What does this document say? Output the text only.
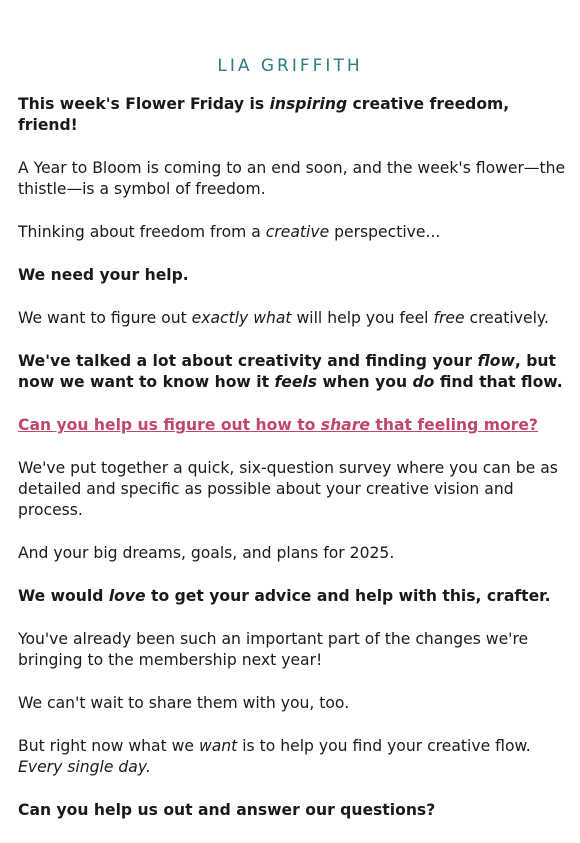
LIA GRIFFITH

This week's Flower Friday is inspiring creative freedom, friend!

A Year to Bloom is coming to an end soon, and the week's flower—the thistle—is a symbol of freedom.

Thinking about freedom from a creative perspective...

We need your help.

We want to figure out exactly what will help you feel free creatively.

We've talked a lot about creativity and finding your flow, but now we want to know how it feels when you do find that flow.

Can you help us figure out how to share that feeling more?

We've put together a quick, six-question survey where you can be as detailed and specific as possible about your creative vision and process.

And your big dreams, goals, and plans for 2025.

We would love to get your advice and help with this, crafter.

You've already been such an important part of the changes we're bringing to the membership next year!

We can't wait to share them with you, too.

But right now what we want is to help you find your creative flow. Every single day.

Can you help us out and answer our questions?
